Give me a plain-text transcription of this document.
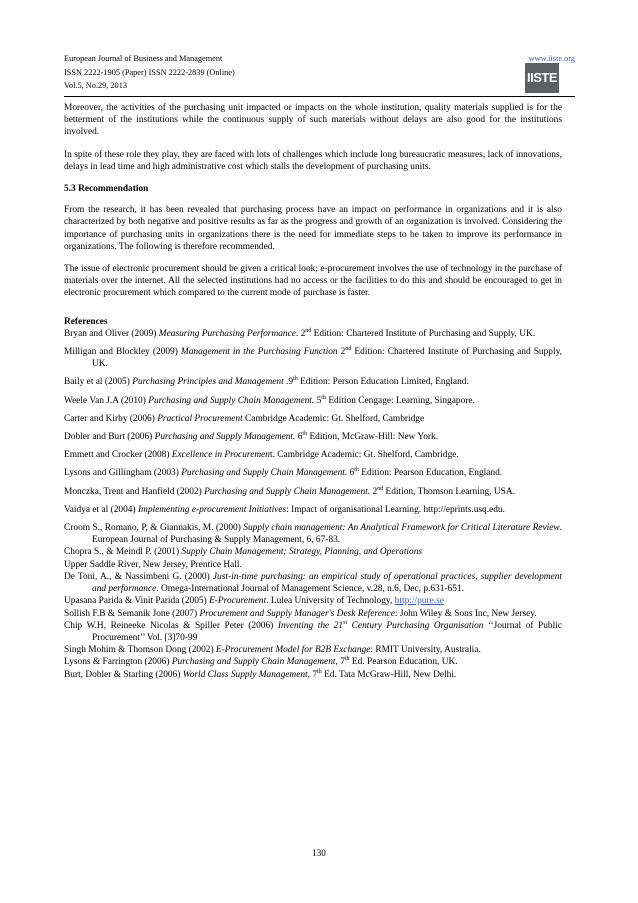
European Journal of Business and Management
ISSN 2222-1905 (Paper) ISSN 2222-2839 (Online)
Vol.5, No.29, 2013
www.iiste.org
IISTE

Moreover, the activities of the purchasing unit impacted or impacts on the whole institution, quality materials supplied is for the betterment of the institutions while the continuous supply of such materials without delays are also good for the institutions involved.

In spite of these role they play, they are faced with lots of challenges which include long bureaucratic measures, lack of innovations, delays in lead time and high administrative cost which stalls the development of purchasing units.

5.3 Recommendation

From the research, it has been revealed that purchasing process have an impact on performance in organizations and it is also characterized by both negative and positive results as far as the progress and growth of an organization is involved. Considering the importance of purchasing units in organizations there is the need for immediate steps to be taken to improve its performance in organizations. The following is therefore recommended.

The issue of electronic procurement should be given a critical look; e-procurement involves the use of technology in the purchase of materials over the internet. All the selected institutions had no access or the facilities to do this and should be encouraged to get in electronic procurement which compared to the current mode of purchase is faster.

References

Bryan and Oliver (2009) Measuring Purchasing Performance. 2nd Edition: Chartered Institute of Purchasing and Supply, UK.

Milligan and Blockley (2009) Management in the Purchasing Function 2nd Edition: Chartered Institute of Purchasing and Supply, UK.

Baily et al (2005) Purchasing Principles and Management .9th Edition: Person Education Limited, England.

Weele Van J.A (2010) Purchasing and Supply Chain Management. 5th Edition Cengage: Learning, Singapore.

Carter and Kirby (2006) Practical Procurement Cambridge Academic: Gt. Shelford, Cambridge

Dobler and Burt (2006) Purchasing and Supply Management. 6th Edition, McGraw-Hill: New York.

Emmett and Crocker (2008) Excellence in Procurement. Cambridge Academic: Gt. Shelford, Cambridge.

Lysons and Gillingham (2003) Purchasing and Supply Chain Management. 6th Edition: Pearson Education, England.

Monczka, Trent and Hanfield (2002) Purchasing and Supply Chain Management. 2nd Edition, Thomson Learning, USA.

Vaidya et al (2004) Implementing e-procurement Initiatives: Impact of organisational Learning. http://eprints.usq.edu.

Croom S., Romano, P, & Giannakis, M. (2000) Supply chain management: An Analytical Framework for Critical Literature Review. European Journal of Purchasing & Supply Management, 6, 67-83.

Chopra S., & Meindl P. (2001) Supply Chain Management; Strategy, Planning, and Operations

Upper Saddle River, New Jersey, Prentice Hall.

De Toni, A., & Nassimbeni G. (2000) Just-in-time purchasing: an empirical study of operational practices, supplier development and performance. Omega-International Journal of Management Science, v.28, n.6, Dec, p.631-651.

Upasana Parida & Vinit Parida (2005) E-Procurement. Lulea University of Technology, http://pure.se

Sollish F.B & Semanik Jone (2007) Procurement and Supply Manager's Desk Reference: John Wiley & Sons Inc, New Jersey.

Chip W.H, Reineeke Nicolas & Spiller Peter (2006) Inventing the 21st Century Purchasing Organisation ‘‘Journal of Public Procurement’’ Vol. [3]70-99

Singh Mohim & Thomson Dong (2002) E-Procurement Model for B2B Exchange: RMIT University, Australia.

Lysons & Farrington (2006) Purchasing and Supply Chain Management, 7th Ed. Pearson Education, UK.

Burt, Dobler & Starling (2006) World Class Supply Management, 7th Ed. Tata McGraw-Hill, New Delhi.

130
